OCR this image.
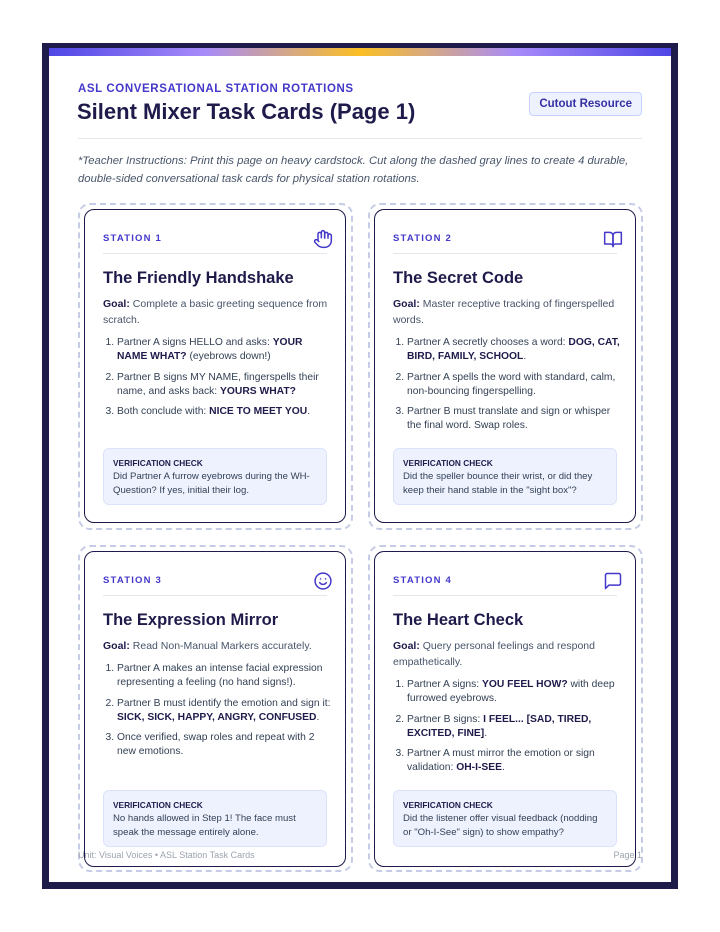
ASL CONVERSATIONAL STATION ROTATIONS
Silent Mixer Task Cards (Page 1)	Cutout Resource

*Teacher Instructions: Print this page on heavy cardstock. Cut along the dashed gray lines to create 4 durable, double-sided conversational task cards for physical station rotations.

STATION 1
The Friendly Handshake

Goal: Complete a basic greeting sequence from scratch.

1. Partner A signs HELLO and asks: YOUR NAME WHAT? (eyebrows down!)
2. Partner B signs MY NAME, fingerspells their name, and asks back: YOURS WHAT?
3. Both conclude with: NICE TO MEET YOU.
VERIFICATION CHECK
Did Partner A furrow eyebrows during the WH-Question? If yes, initial their log.
STATION 2
The Secret Code

Goal: Master receptive tracking of fingerspelled words.

1. Partner A secretly chooses a word: DOG, CAT, BIRD, FAMILY, SCHOOL.
2. Partner A spells the word with standard, calm, non-bouncing fingerspelling.
3. Partner B must translate and sign or whisper the final word. Swap roles.
VERIFICATION CHECK
Did the speller bounce their wrist, or did they keep their hand stable in the "sight box"?
STATION 3
The Expression Mirror

Goal: Read Non-Manual Markers accurately.

1. Partner A makes an intense facial expression representing a feeling (no hand signs!).
2. Partner B must identify the emotion and sign it: SICK, SICK, HAPPY, ANGRY, CONFUSED.
3. Once verified, swap roles and repeat with 2 new emotions.
VERIFICATION CHECK
No hands allowed in Step 1! The face must speak the message entirely alone.
STATION 4
The Heart Check

Goal: Query personal feelings and respond empathetically.

1. Partner A signs: YOU FEEL HOW? with deep furrowed eyebrows.
2. Partner B signs: I FEEL... [SAD, TIRED, EXCITED, FINE].
3. Partner A must mirror the emotion or sign validation: OH-I-SEE.
VERIFICATION CHECK
Did the listener offer visual feedback (nodding or "Oh-I-See" sign) to show empathy?
Unit: Visual Voices • ASL Station Task Cards	Page 1
